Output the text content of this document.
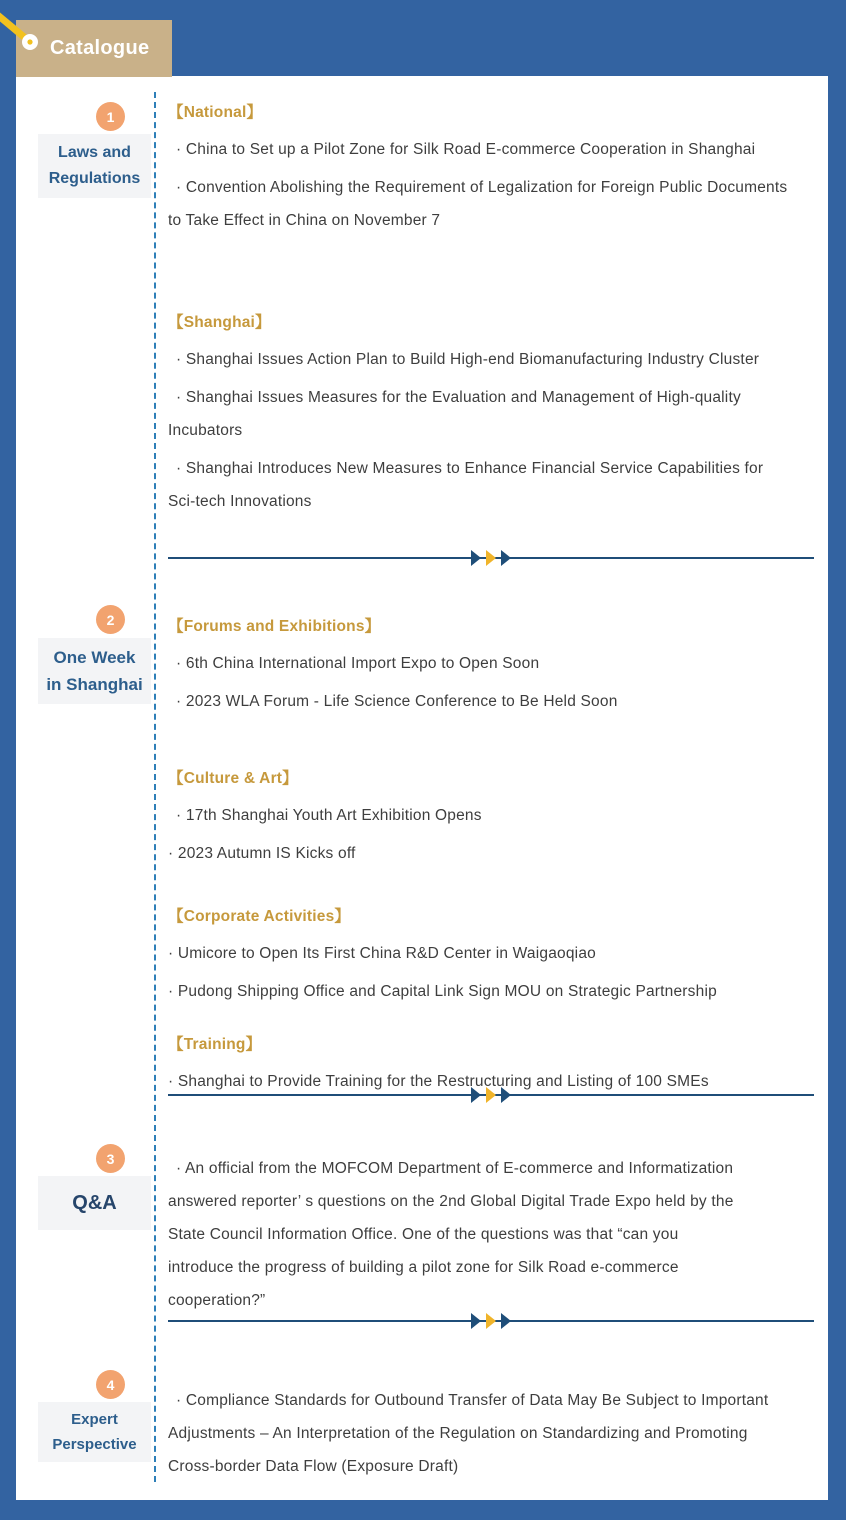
Catalogue
1
Laws and
Regulations

【National】

· China to Set up a Pilot Zone for Silk Road E-commerce Cooperation in Shanghai

· Convention Abolishing the Requirement of Legalization for Foreign Public Documents to Take Effect in China on November 7

【Shanghai】

· Shanghai Issues Action Plan to Build High-end Biomanufacturing Industry Cluster

· Shanghai Issues Measures for the Evaluation and Management of High-quality Incubators

· Shanghai Introduces New Measures to Enhance Financial Service Capabilities for Sci-tech Innovations

2
One Week
in Shanghai

【Forums and Exhibitions】

· 6th China International Import Expo to Open Soon

· 2023 WLA Forum - Life Science Conference to Be Held Soon

【Culture & Art】

· 17th Shanghai Youth Art Exhibition Opens

· 2023 Autumn IS Kicks off

【Corporate Activities】

· Umicore to Open Its First China R&D Center in Waigaoqiao

· Pudong Shipping Office and Capital Link Sign MOU on Strategic Partnership

【Training】

· Shanghai to Provide Training for the Restructuring and Listing of 100 SMEs

3
Q&A

· An official from the MOFCOM Department of E-commerce and Informatization answered reporter’ s questions on the 2nd Global Digital Trade Expo held by the State Council Information Office. One of the questions was that “can you introduce the progress of building a pilot zone for Silk Road e-commerce cooperation?”

4
Expert
Perspective

· Compliance Standards for Outbound Transfer of Data May Be Subject to Important Adjustments – An Interpretation of the Regulation on Standardizing and Promoting Cross-border Data Flow (Exposure Draft)
